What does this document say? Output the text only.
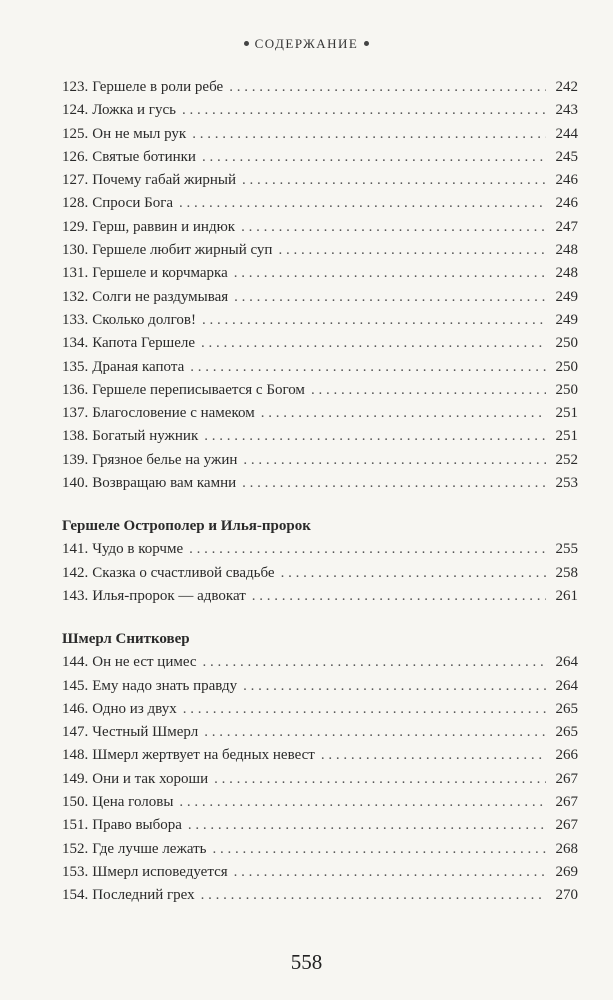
СОДЕРЖАНИЕ
123. Гершеле в роли ребе . . .	242
124. Ложка и гусь . . .	243
125. Он не мыл рук . . .	244
126. Святые ботинки . . .	245
127. Почему габай жирный . . .	246
128. Спроси Бога . . .	246
129. Герш, раввин и индюк . . .	247
130. Гершеле любит жирный суп . . .	248
131. Гершеле и корчмарка . . .	248
132. Солги не раздумывая . . .	249
133. Сколько долгов! . . .	249
134. Капота Гершеле . . .	250
135. Драная капота . . .	250
136. Гершеле переписывается с Богом . . .	250
137. Благословение с намеком . . .	251
138. Богатый нужник . . .	251
139. Грязное белье на ужин . . .	252
140. Возвращаю вам камни . . .	253
Гершеле Острополер и Илья-пророк
141. Чудо в корчме . . .	255
142. Сказка о счастливой свадьбе . . .	258
143. Илья-пророк — адвокат . . .	261
Шмерл Снитковер
144. Он не ест цимес . . .	264
145. Ему надо знать правду . . .	264
146. Одно из двух . . .	265
147. Честный Шмерл . . .	265
148. Шмерл жертвует на бедных невест . . .	266
149. Они и так хороши . . .	267
150. Цена головы . . .	267
151. Право выбора . . .	267
152. Где лучше лежать . . .	268
153. Шмерл исповедуется . . .	269
154. Последний грех . . .	270
558
